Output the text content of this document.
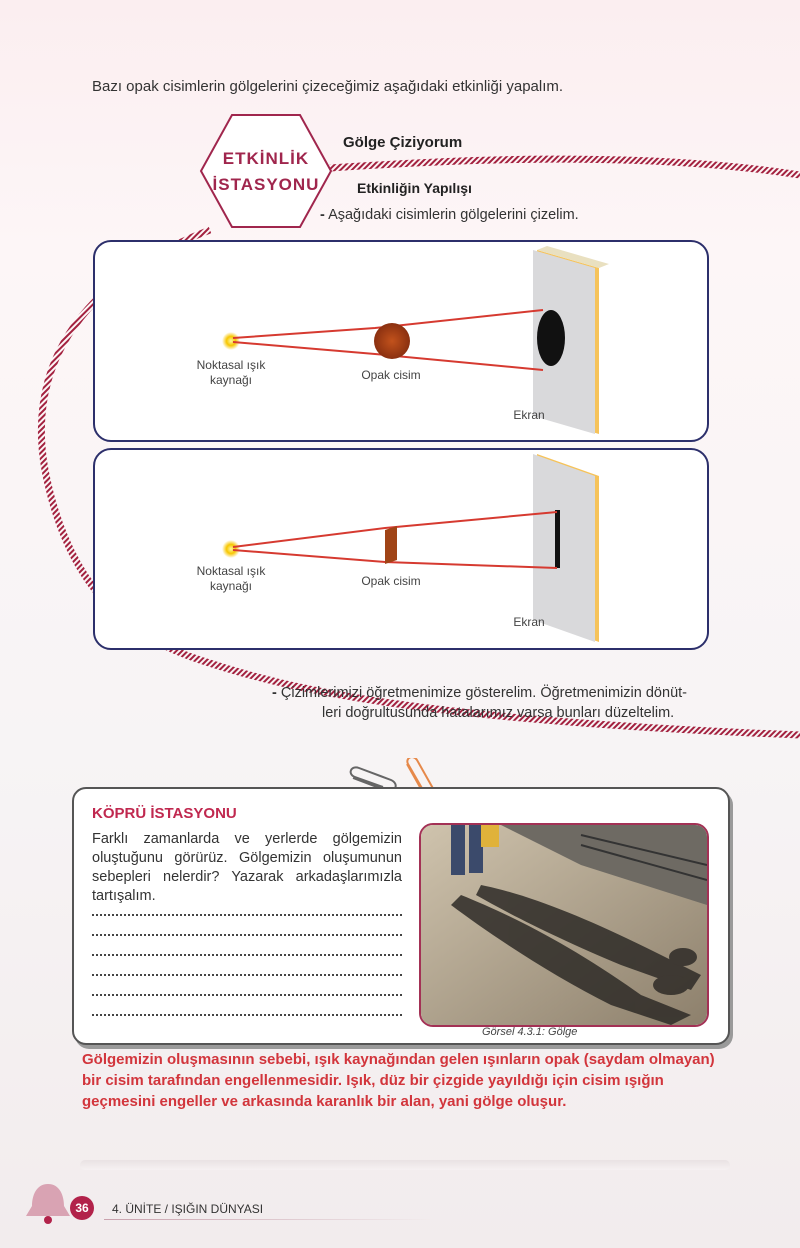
Bazı opak cisimlerin gölgelerini çizeceğimiz aşağıdaki etkinliği yapalım.
ETKİNLİK
İSTASYONU
Gölge Çiziyorum
Etkinliğin Yapılışı
- Aşağıdaki cisimlerin gölgelerini çizelim.
Noktasal ışık
kaynağı	Opak cisim
Ekran
Noktasal ışık
kaynağı	Opak cisim
Ekran
- Çizimlerimizi öğretmenimize gösterelim. Öğretmenimizin dönüt-
leri doğrultusunda hatalarımız varsa bunları düzeltelim.
KÖPRÜ İSTASYONU
Farklı zamanlarda ve yerlerde gölgemizin oluştuğunu görürüz. Gölgemizin oluşumunun sebepleri nelerdir? Yazarak arkadaşlarımızla tartışalım.
Görsel 4.3.1: Gölge
Gölgemizin oluşmasının sebebi, ışık kaynağından gelen ışınların opak (saydam olmayan) bir cisim tarafından engellenmesidir. Işık, düz bir çizgide yayıldığı için cisim ışığın geçmesini engeller ve arkasında karanlık bir alan, yani gölge oluşur.
36	4. ÜNİTE / IŞIĞIN DÜNYASI
